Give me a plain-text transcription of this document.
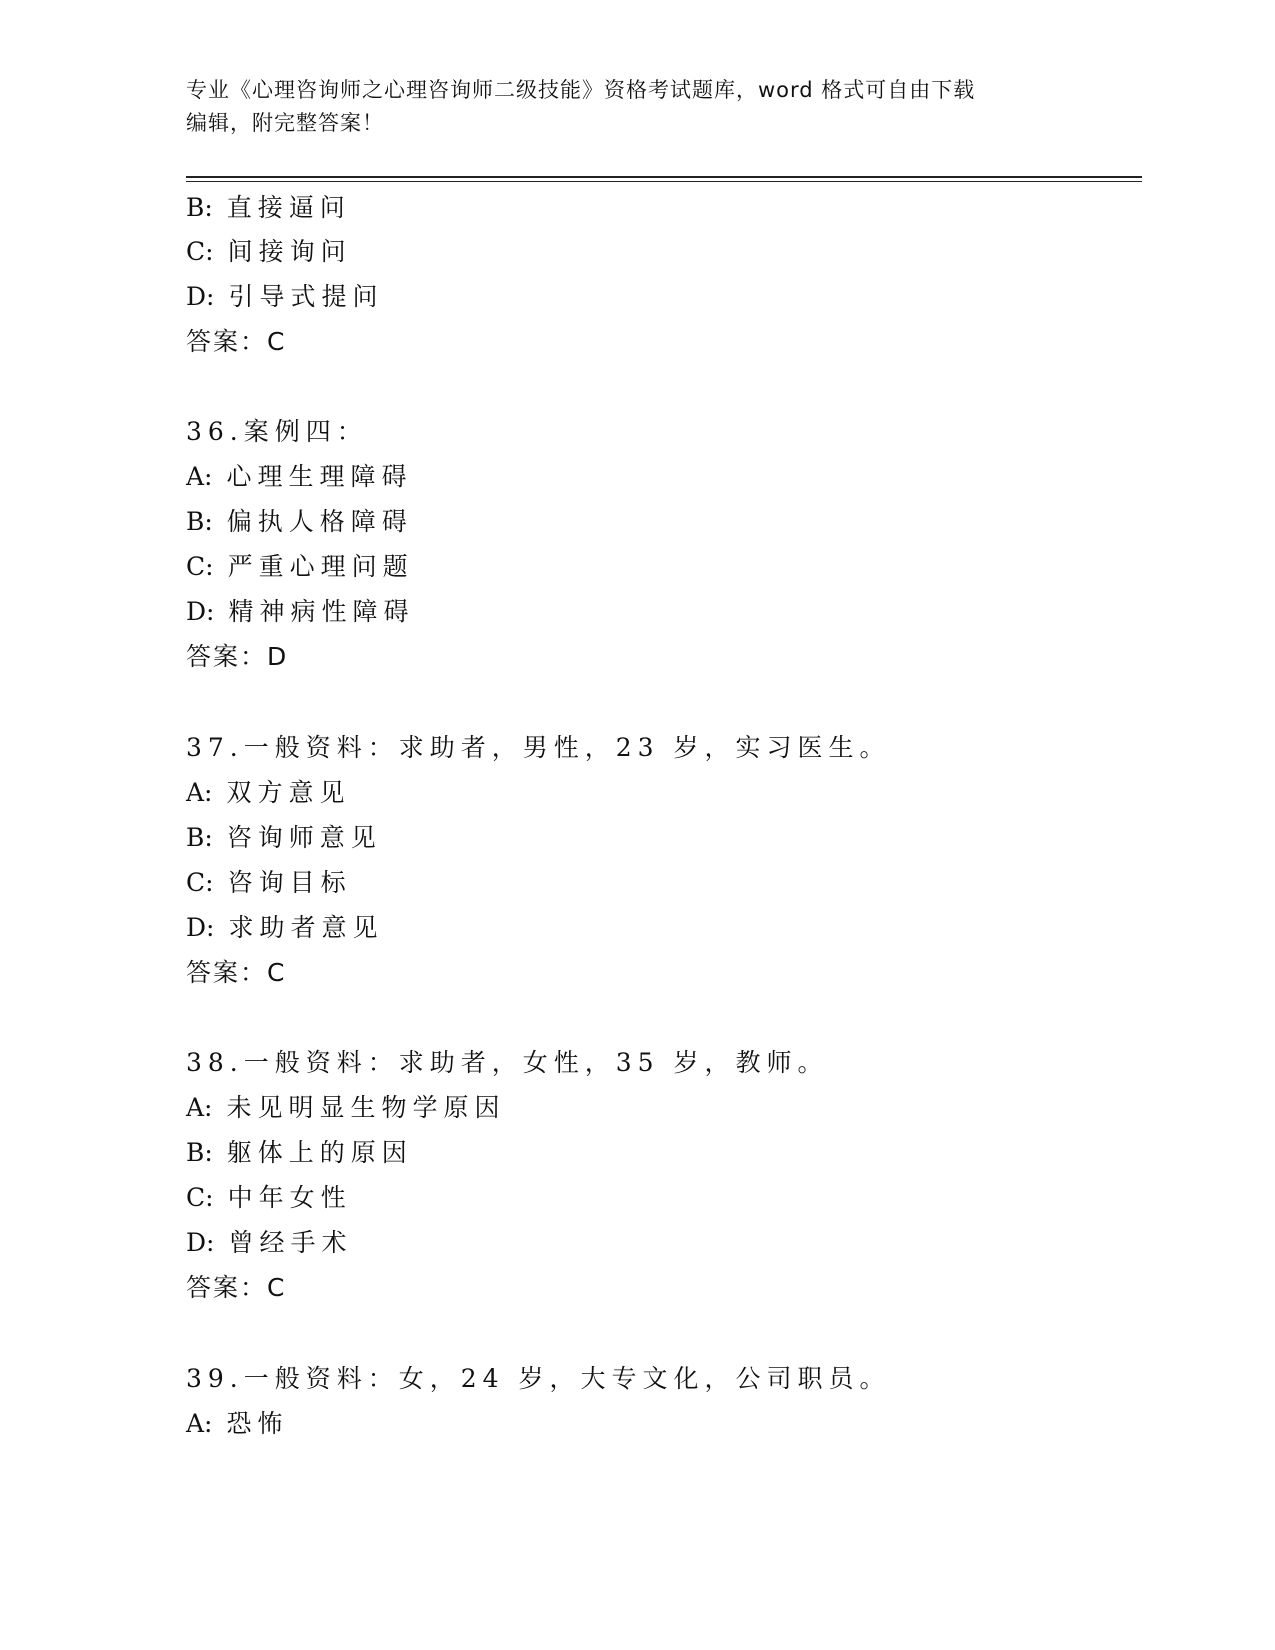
专业《心理咨询师之心理咨询师二级技能》资格考试题库，word 格式可自由下载
编辑，附完整答案！
B: 直接逼问
C: 间接询问
D: 引导式提问
答案：C
36.案例四：
A: 心理生理障碍
B: 偏执人格障碍
C: 严重心理问题
D: 精神病性障碍
答案：D
37.一般资料：求助者，男性，23 岁，实习医生。
A: 双方意见
B: 咨询师意见
C: 咨询目标
D: 求助者意见
答案：C
38.一般资料：求助者，女性，35 岁，教师。
A: 未见明显生物学原因
B: 躯体上的原因
C: 中年女性
D: 曾经手术
答案：C
39.一般资料：女，24 岁，大专文化，公司职员。
A: 恐怖
